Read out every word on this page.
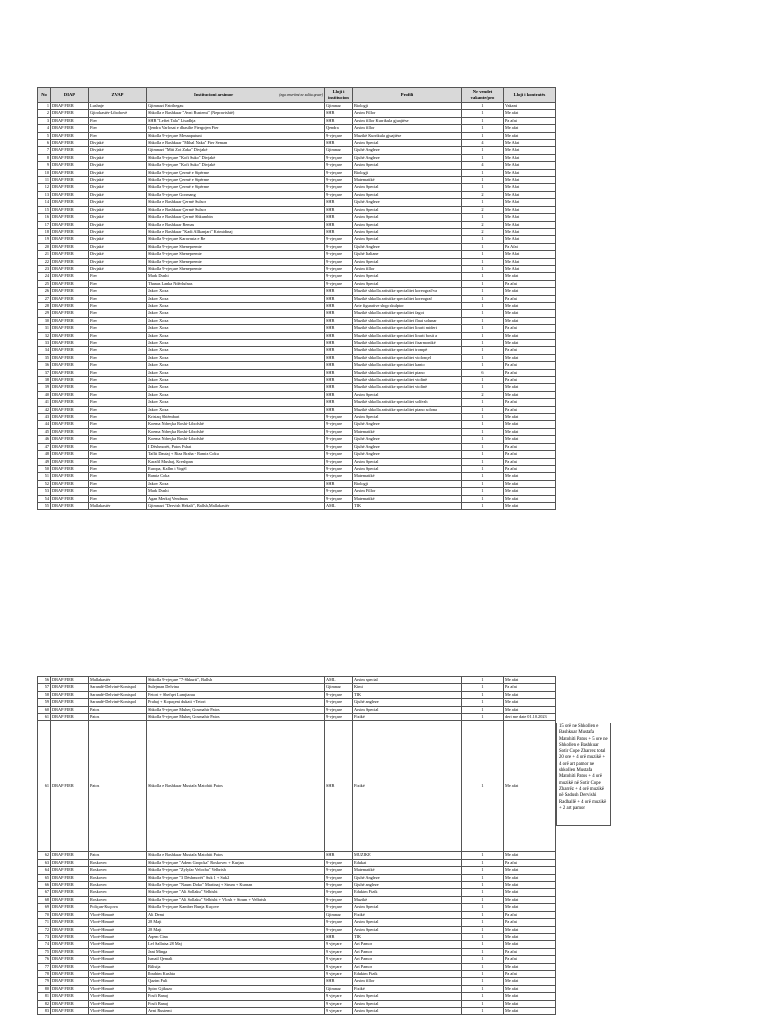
No	DIAP	ZVAP	Institucioni arsimor (nga emertimi ne sulitu qeaer)	Lloji i institucion	Profili	Nr vendet vakante/pro	Lloji i kontratës
1	DRAP FIER	Lushnje	Gjimnazi Fatrihegau	Gjimnaz	Biologji	1	Vakant
2	DRAP FIER	Gjirokastër-Libohovë	Shkolla e Bashkuar "Avni Rustemi" (Nepravishtë)	SHB	Arsim Fillor	1	Me afat
3	DRAP FIER	Fier	SHB "Leftet Tala" Lisadhja	SHB	Arsim fillor Kurrikula gjuajtëse	1	Pa afat
4	DRAP FIER	Fier	Qendra Varlosat e dhasilte Fiergojen Fier	Qendra	Arsim fillor	1	Me afat
5	DRAP FIER	Fier	Shkolla 9-vjeçare Mesnaputuni	9-vjeçare	Muzikë Kurrikula gjuajtëse	1	Me afat
6	DRAP FIER	Divjakë	Shkolla e Bashkuar "Mihal Naka" Fier Seman	SHB	Arsim Special	4	Me Afat
7	DRAP FIER	Divjakë	Gjimnazi "Miti Zot Zaka" Divjakë	Gjimnaz	Gjuhë Angleze	1	Me Afat
8	DRAP FIER	Divjakë	Shkolla 9-vjeçare "Kofi Suko" Divjakë	9-vjeçare	Gjuhë Angleze	1	Me Afat
9	DRAP FIER	Divjakë	Shkolla 9-vjeçare "Kofi Suko" Divjakë	9-vjeçare	Arsim Special	4	Me Afat
10	DRAP FIER	Divjakë	Shkolla 9-vjeçare Çermë e Sipërme	9-vjeçare	Biologji	1	Me Afat
11	DRAP FIER	Divjakë	Shkolla 9-vjeçare Çermë e Sipërme	9-vjeçare	Matematikë	1	Me Afat
12	DRAP FIER	Divjakë	Shkolla 9-vjeçare Çermë e Sipërme	9-vjeçare	Arsim Special	1	Me Afat
13	DRAP FIER	Divjakë	Shkolla 9-vjeçare Gorrnang	9-vjeçare	Arsim Special	2	Me Afat
14	DRAP FIER	Divjakë	Shkolla e Bashkuar Çermë Sulsor	SHB	Gjuhë Angleze	1	Me Afat
15	DRAP FIER	Divjakë	Shkolla e Bashkuar Çermë Sulsor	SHB	Arsim Special	2	Me Afat
16	DRAP FIER	Divjakë	Shkolla e Bashkuar Çermë Shkumbin	SHB	Arsim Special	1	Me Afat
17	DRAP FIER	Divjakë	Shkolla e Bashkuar Remas	SHB	Arsim Special	2	Me Afat
18	DRAP FIER	Divjakë	Shkolla e Bashkuar "Kadi Allkanjari" Krimidinaj	SHB	Arsim Special	2	Me Afat
19	DRAP FIER	Divjakë	Shkolla 9-vjeçare Karavasta e Re	9-vjeçare	Arsim Special	1	Me Afat
20	DRAP FIER	Divjakë	Shkolla 9-vjeçare Shenepremte	9-vjeçare	Gjuhë Angleze	1	Pa Afat
21	DRAP FIER	Divjakë	Shkolla 9-vjeçare Shenepremte	9-vjeçare	Gjuhë Italiane	1	Me Afat
22	DRAP FIER	Divjakë	Shkolla 9-vjeçare Shenepremte	9-vjeçare	Arsim Special	1	Me Afat
23	DRAP FIER	Divjakë	Shkolla 9-vjeçare Shenepremte	9-vjeçare	Arsim fillor	1	Me Afat
24	DRAP FIER	Fier	Mark Dushi	9-vjeçare	Arsim Special	1	Me afat
25	DRAP FIER	Fier	Thanas Lanka Ndërlufnas	9-vjeçare	Arsim Special	1	Pa afat
26	DRAP FIER	Fier	Jakov Xoxa	SHB	Muzikë shkolla artistike specialitet koreograf/va	1	Me afat
27	DRAP FIER	Fier	Jakov Xoxa	SHB	Muzikë shkolla artistike specialitet koreograf	1	Pa afat
28	DRAP FIER	Fier	Jakov Xoxa	SHB	Arte figurative shqp skulptor	1	Me afat
29	DRAP FIER	Fier	Jakov Xoxa	SHB	Muzikë shkolla artistike specialitet fagot	1	Me afat
30	DRAP FIER	Fier	Jakov Xoxa	SHB	Muzikë shkolla artistike specialitet flaut solunar	1	Me afat
31	DRAP FIER	Fier	Jakov Xoxa	SHB	Muzikë shkolla artistike specialitet lirarit midert	1	Pa afat
32	DRAP FIER	Fier	Jakov Xoxa	SHB	Muzikë shkolla artistike specialitet lirarit bosit a	1	Me afat
33	DRAP FIER	Fier	Jakov Xoxa	SHB	Muzikë shkolla artistike specialitet fisarmonikë	1	Me afat
34	DRAP FIER	Fier	Jakov Xoxa	SHB	Muzikë shkolla artistike specialitet trompë	1	Pa afat
35	DRAP FIER	Fier	Jakov Xoxa	SHB	Muzikë shkolla artistike specialitet violonçel	1	Me afat
36	DRAP FIER	Fier	Jakov Xoxa	SHB	Muzikë shkolla artistike specialitet kanto	1	Pa afat
37	DRAP FIER	Fier	Jakov Xoxa	SHB	Muzikë shkolla artistike specialitet piano	6	Pa afat
38	DRAP FIER	Fier	Jakov Xoxa	SHB	Muzikë shkolla artistike specialitet violinë	1	Pa afat
39	DRAP FIER	Fier	Jakov Xoxa	SHB	Muzikë shkolla artistike specialitet violinë	1	Me afat
40	DRAP FIER	Fier	Jakov Xoxa	SHB	Arsim Special	2	Me afat
41	DRAP FIER	Fier	Jakov Xoxa	SHB	Muzikë shkolla artistike specialitet solfezh	1	Pa afat
42	DRAP FIER	Fier	Jakov Xoxa	SHB	Muzikë shkolla artistike specialitet piano solona	1	Pa afat
43	DRAP FIER	Fier	Kristaq Shtëmbari	9-vjeçare	Arsim Special	1	Me afat
44	DRAP FIER	Fier	Koema Ndreçka Roshi-Libofshë	9-vjeçare	Gjuhë Angleze	1	Me afat
45	DRAP FIER	Fier	Koema Ndreçka Roshi-Libofshë	9-vjeçare	Matematikë	1	Me afat
46	DRAP FIER	Fier	Koema Ndreçka Roshi-Libofshë	9-vjeçare	Gjuhë Angleze	1	Me afat
47	DRAP FIER	Fier	I Dëshmorët, Patos Fshat	9-vjeçare	Gjuhë Angleze	1	Pa afat
48	DRAP FIER	Fier	Taflit Dautaj + Riza Braha - Ramiz Coku	9-vjeçare	Gjuhë Angleze	1	Pa afat
49	DRAP FIER	Fier	Karafil Mushaj, Kreshpan	9-vjeçare	Arsim Special	1	Pa afat
50	DRAP FIER	Fier	Europa, Kallm i Vogël	9-vjeçare	Arsim Special	1	Pa afat
51	DRAP FIER	Fier	Ramiz Coka	9-vjeçare	Matematikë	1	Me afat
52	DRAP FIER	Fier	Jakov Xoxa	SHB	Biologji	1	Me afat
53	DRAP FIER	Fier	Mark Dushi	9-vjeçare	Arsim Fillor	1	Me afat
54	DRAP FIER	Fier	Agan Merkaj Vendmax	9-vjeçare	Matematikë	1	Me afat
55	DRAP FIER	Mallakastër	Gjimnazi "Dervish Hekali", Ballsh,Mallakastër	AML	TIK	1	Me afat
56	DRAP FIER	Mallakastër	Shkolla 9-vjeçare "7-Shkurti", Ballsh	AML	Arsim special	1	Me afat
57	DRAP FIER	Sarandë-Delvinë-Konispol	Sulejman Delvina	Gjimnaz	Kimi	1	Pa afat
58	DRAP FIER	Sarandë-Delvinë-Konispol	Fetori + Shefqet Lumjtarau	9-vjeçare	TIK	1	Me afat
59	DRAP FIER	Sarandë-Delvinë-Konispol	Prahaj + Kopaçeni dukati +Tetori	9-vjeçare	Gjuhë angleze	1	Me afat
60	DRAP FIER	Patos	Shkolla 9-vjeçare Muheç Gosmahir Patos	9-vjeçare	Arsim Special	1	Me afat
61	DRAP FIER	Patos	Shkolla 9-vjeçare Muheç Gosmahir Patos	9-vjeçare	Fizikë	1	deri me date 01.10.2023
61	DRAP FIER	Patos	Shkolla e Bashkuar Mustafa Matohiti Patos	SHB	Fizikë	1	Me afat
62	DRAP FIER	Patos	Shkolla e Bashkuar Mustafa Matohiti Patos	SHB	MUZIKE	1	Me afat
63	DRAP FIER	Roskovec	Shkolla 9-vjeçare "Adem Gropcka" Roskovec + Kurjan	9-vjeçare	Edukat	1	Pa afat
64	DRAP FIER	Roskovec	Shkolla 9-vjeçare "Zylyfar Velocha" Velbrish	9-vjeçare	Matematikë	1	Me afat
65	DRAP FIER	Roskovec	Shkolla 9-vjeçare "3 Dëshmorët" Suk 1 + Suk2	9-vjeçare	Gjuhë Angleze	1	Me afat
66	DRAP FIER	Roskovec	Shkolla 9-vjeçare "Naum Doko" Martinaj + Strum + Kurnan	9-vjeçare	Gjuhë angleze	1	Me afat
67	DRAP FIER	Roskovec	Shkolla 9-vjeçare "Ali Sollaku" Velbisht	9-vjeçare	Edukim Fizik	1	Me afat
68	DRAP FIER	Roskovec	Shkolla 9-vjeçare "Ali Sollaku" Velbisht + Vlosh + Strum + Velbrish	9-vjeçare	Muzikë	1	Me afat
69	DRAP FIER	Poliçan-Kuçova	Shkolla 9-vjeçare Kamber Bunja Kuçove	9-vjeçare	Arsim Special	1	Me afat
70	DRAP FIER	Vlorë-Himarë	Ali Demi	Gjimnaz	Fizikë	1	Pa afat
71	DRAP FIER	Vlorë-Himarë	28 Maji	9-vjeçare	Arsim Special	1	Pa afat
72	DRAP FIER	Vlorë-Himarë	28 Maji	9-vjeçare	Arsim Special	1	Me afat
73	DRAP FIER	Vlorë-Himarë	Aqem Cina	SHB	TIK	1	Me afat
74	DRAP FIER	Vlorë-Himarë	Lef Sallatsa 28 Maj	9 vjeçare	Art Pamor	1	Me afat
75	DRAP FIER	Vlorë-Himarë	Jani Minga	9 vjeçare	Art Pamor	1	Pa afat
76	DRAP FIER	Vlorë-Himarë	Ismail Qemali	9 vjeçare	Art Pamor	1	Pa afat
77	DRAP FIER	Vlorë-Himarë	Bilisija	9 vjeçare	Art Pamor	1	Me afat
78	DRAP FIER	Vlorë-Himarë	Ibrahim Kushta	9 vjeçare	Edukim Fizik	1	Pa afat
79	DRAP FIER	Vlorë-Himarë	Qazim Fuli	SHB	Arsim fillor	1	Me afat
80	DRAP FIER	Vlorë-Himarë	Spiro Gjikuzo	Gjimnaz	Fizikë	1	Me afat
81	DRAP FIER	Vlorë-Himarë	Fosfi Banaj	9 vjeçare	Arsim Special	1	Me afat
82	DRAP FIER	Vlorë-Himarë	Fosfi Banaj	9 vjeçare	Arsim Special	1	Me afat
83	DRAP FIER	Vlorë-Himarë	Avni Rustemi	9 vjeçare	Arsim Special	1	Me afat
15 orë ne Shkollen e Bashkuar Mustafa Matohiti Patos + 5 ore ne Shkollen e Bashkuar Sotir Cope Zharrez total 20 ore + 4 orë muzikë + 4 orë art pamor ne shkollen Mustafa Matohiti Patos + 4 orë muzikë në Sotir Cope Zharrëz + 4 orë muzikë në Sadush Dervishi Radhallë + 4 orë muzikë + 2 art pamor
